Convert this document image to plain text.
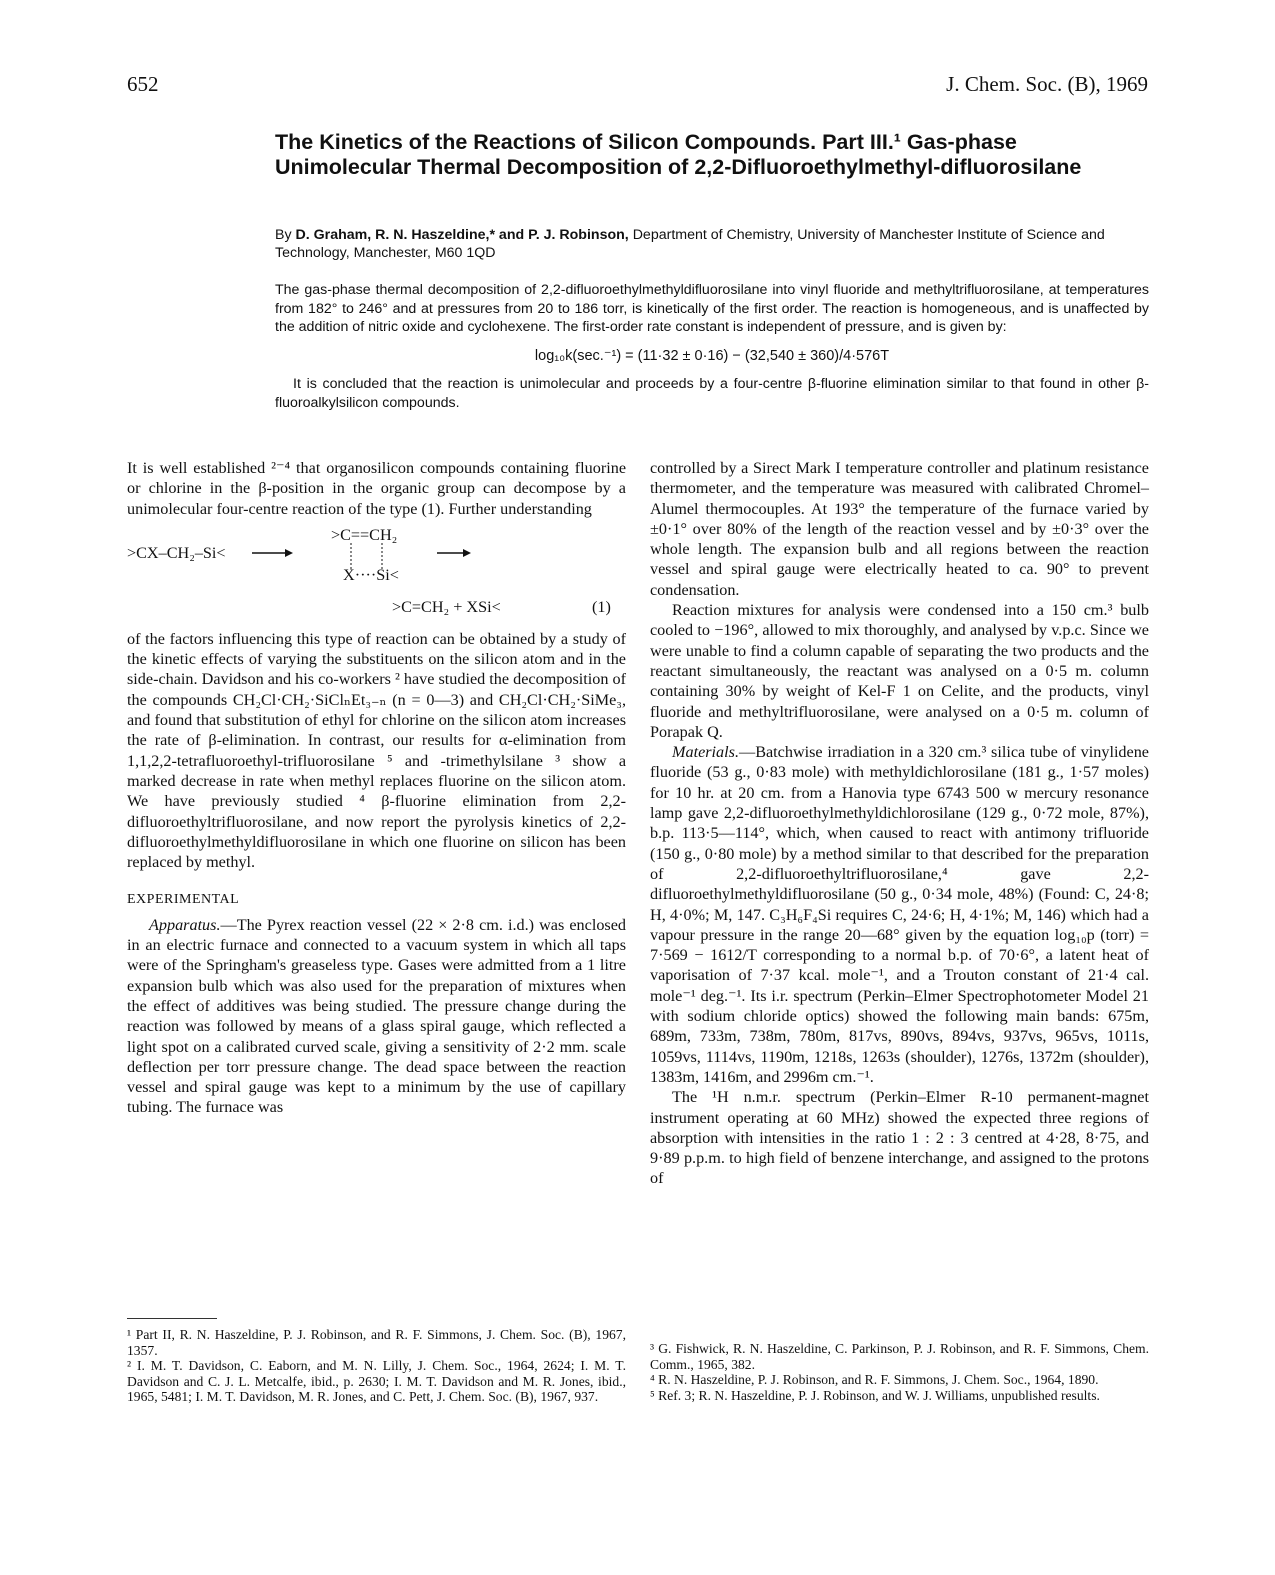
652	J. Chem. Soc. (B), 1969
The Kinetics of the Reactions of Silicon Compounds. Part III.¹ Gas-phase Unimolecular Thermal Decomposition of 2,2-Difluoroethylmethyl-difluorosilane
By D. Graham, R. N. Haszeldine,* and P. J. Robinson, Department of Chemistry, University of Manchester Institute of Science and Technology, Manchester, M60 1QD

The gas-phase thermal decomposition of 2,2-difluoroethylmethyldifluorosilane into vinyl fluoride and methyltrifluorosilane, at temperatures from 182° to 246° and at pressures from 20 to 186 torr, is kinetically of the first order. The reaction is homogeneous, and is unaffected by the addition of nitric oxide and cyclohexene. The first-order rate constant is independent of pressure, and is given by:

log₁₀k(sec.⁻¹) = (11·32 ± 0·16) − (32,540 ± 360)/4·576T

It is concluded that the reaction is unimolecular and proceeds by a four-centre β-fluorine elimination similar to that found in other β-fluoroalkylsilicon compounds.

It is well established ²⁻⁴ that organosilicon compounds containing fluorine or chlorine in the β-position in the organic group can decompose by a unimolecular four-centre reaction of the type (1). Further understanding

>CX–CH₂–Si<
>C==CH₂
X····Si<
>C=CH₂ + XSi<	(1)

of the factors influencing this type of reaction can be obtained by a study of the kinetic effects of varying the substituents on the silicon atom and in the side-chain. Davidson and his co-workers ² have studied the decomposition of the compounds CH₂Cl·CH₂·SiClₙEt₃₋ₙ (n = 0—3) and CH₂Cl·CH₂·SiMe₃, and found that substitution of ethyl for chlorine on the silicon atom increases the rate of β-elimination. In contrast, our results for α-elimination from 1,1,2,2-tetrafluoroethyl-trifluorosilane ⁵ and -trimethylsilane ³ show a marked decrease in rate when methyl replaces fluorine on the silicon atom. We have previously studied ⁴ β-fluorine elimination from 2,2-difluoroethyltrifluorosilane, and now report the pyrolysis kinetics of 2,2-difluoroethylmethyldifluorosilane in which one fluorine on silicon has been replaced by methyl.

EXPERIMENTAL

Apparatus.—The Pyrex reaction vessel (22 × 2·8 cm. i.d.) was enclosed in an electric furnace and connected to a vacuum system in which all taps were of the Springham's greaseless type. Gases were admitted from a 1 litre expansion bulb which was also used for the preparation of mixtures when the effect of additives was being studied. The pressure change during the reaction was followed by means of a glass spiral gauge, which reflected a light spot on a calibrated curved scale, giving a sensitivity of 2·2 mm. scale deflection per torr pressure change. The dead space between the reaction vessel and spiral gauge was kept to a minimum by the use of capillary tubing. The furnace was

controlled by a Sirect Mark I temperature controller and platinum resistance thermometer, and the temperature was measured with calibrated Chromel–Alumel thermocouples. At 193° the temperature of the furnace varied by ±0·1° over 80% of the length of the reaction vessel and by ±0·3° over the whole length. The expansion bulb and all regions between the reaction vessel and spiral gauge were electrically heated to ca. 90° to prevent condensation.

Reaction mixtures for analysis were condensed into a 150 cm.³ bulb cooled to −196°, allowed to mix thoroughly, and analysed by v.p.c. Since we were unable to find a column capable of separating the two products and the reactant simultaneously, the reactant was analysed on a 0·5 m. column containing 30% by weight of Kel-F 1 on Celite, and the products, vinyl fluoride and methyltrifluorosilane, were analysed on a 0·5 m. column of Porapak Q.

Materials.—Batchwise irradiation in a 320 cm.³ silica tube of vinylidene fluoride (53 g., 0·83 mole) with methyldichlorosilane (181 g., 1·57 moles) for 10 hr. at 20 cm. from a Hanovia type 6743 500 w mercury resonance lamp gave 2,2-difluoroethylmethyldichlorosilane (129 g., 0·72 mole, 87%), b.p. 113·5—114°, which, when caused to react with antimony trifluoride (150 g., 0·80 mole) by a method similar to that described for the preparation of 2,2-difluoroethyltrifluorosilane,⁴ gave 2,2-difluoroethylmethyldifluorosilane (50 g., 0·34 mole, 48%) (Found: C, 24·8; H, 4·0%; M, 147. C₃H₆F₄Si requires C, 24·6; H, 4·1%; M, 146) which had a vapour pressure in the range 20—68° given by the equation log₁₀p (torr) = 7·569 − 1612/T corresponding to a normal b.p. of 70·6°, a latent heat of vaporisation of 7·37 kcal. mole⁻¹, and a Trouton constant of 21·4 cal. mole⁻¹ deg.⁻¹. Its i.r. spectrum (Perkin–Elmer Spectrophotometer Model 21 with sodium chloride optics) showed the following main bands: 675m, 689m, 733m, 738m, 780m, 817vs, 890vs, 894vs, 937vs, 965vs, 1011s, 1059vs, 1114vs, 1190m, 1218s, 1263s (shoulder), 1276s, 1372m (shoulder), 1383m, 1416m, and 2996m cm.⁻¹.

The ¹H n.m.r. spectrum (Perkin–Elmer R-10 permanent-magnet instrument operating at 60 MHz) showed the expected three regions of absorption with intensities in the ratio 1 : 2 : 3 centred at 4·28, 8·75, and 9·89 p.p.m. to high field of benzene interchange, and assigned to the protons of

¹ Part II, R. N. Haszeldine, P. J. Robinson, and R. F. Simmons, J. Chem. Soc. (B), 1967, 1357.

² I. M. T. Davidson, C. Eaborn, and M. N. Lilly, J. Chem. Soc., 1964, 2624; I. M. T. Davidson and C. J. L. Metcalfe, ibid., p. 2630; I. M. T. Davidson and M. R. Jones, ibid., 1965, 5481; I. M. T. Davidson, M. R. Jones, and C. Pett, J. Chem. Soc. (B), 1967, 937.

³ G. Fishwick, R. N. Haszeldine, C. Parkinson, P. J. Robinson, and R. F. Simmons, Chem. Comm., 1965, 382.

⁴ R. N. Haszeldine, P. J. Robinson, and R. F. Simmons, J. Chem. Soc., 1964, 1890.

⁵ Ref. 3; R. N. Haszeldine, P. J. Robinson, and W. J. Williams, unpublished results.
